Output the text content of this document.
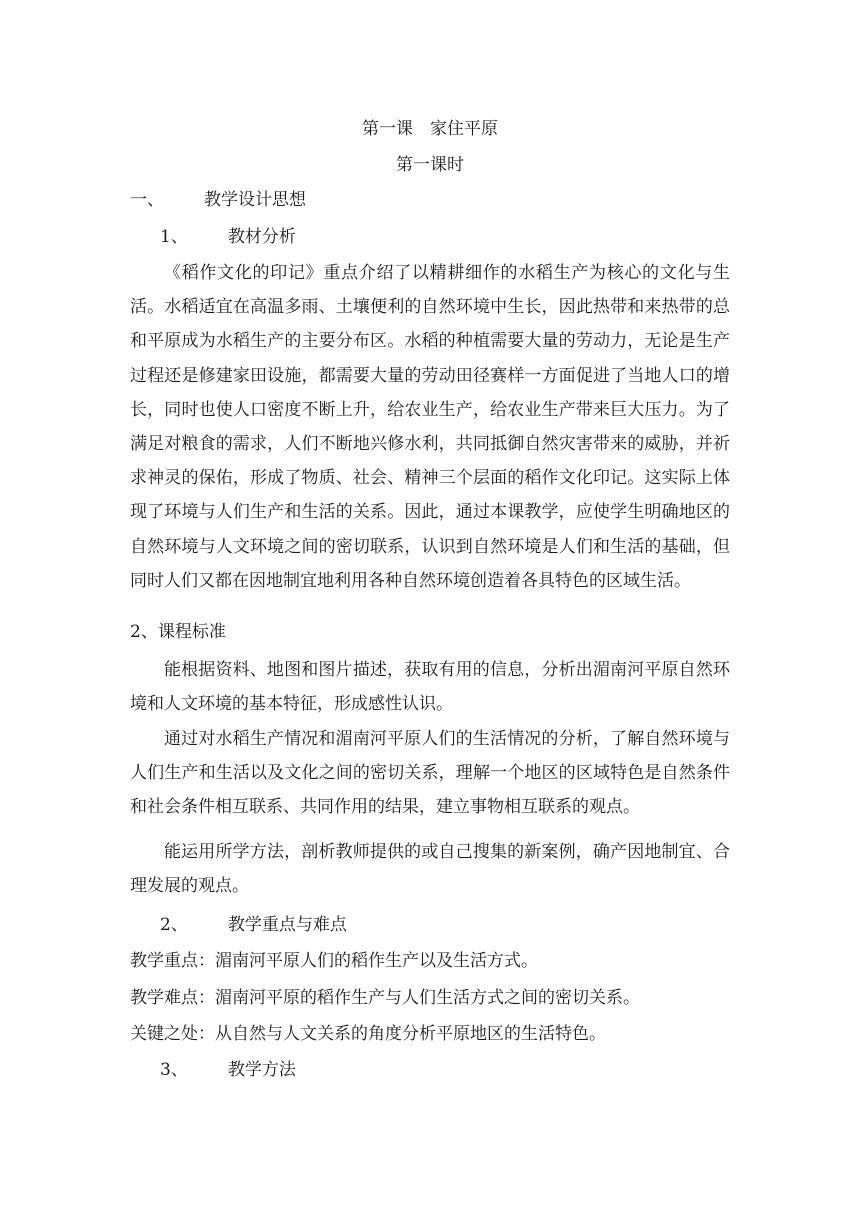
第一课　家住平原
第一课时
一、 教学设计思想
1、 教材分析
《稻作文化的印记》重点介绍了以精耕细作的水稻生产为核心的文化与生活。水稻适宜在高温多雨、土壤便利的自然环境中生长，因此热带和来热带的总和平原成为水稻生产的主要分布区。水稻的种植需要大量的劳动力，无论是生产过程还是修建家田设施，都需要大量的劳动田径赛样一方面促进了当地人口的增长，同时也使人口密度不断上升，给农业生产，给农业生产带来巨大压力。为了满足对粮食的需求，人们不断地兴修水利，共同抵御自然灾害带来的威胁，并祈求神灵的保佑，形成了物质、社会、精神三个层面的稻作文化印记。这实际上体现了环境与人们生产和生活的关系。因此，通过本课教学，应使学生明确地区的自然环境与人文环境之间的密切联系，认识到自然环境是人们和生活的基础，但同时人们又都在因地制宜地利用各种自然环境创造着各具特色的区域生活。
2、课程标准
能根据资料、地图和图片描述，获取有用的信息，分析出湄南河平原自然环境和人文环境的基本特征，形成感性认识。
通过对水稻生产情况和湄南河平原人们的生活情况的分析，了解自然环境与人们生产和生活以及文化之间的密切关系，理解一个地区的区域特色是自然条件和社会条件相互联系、共同作用的结果，建立事物相互联系的观点。
能运用所学方法，剖析教师提供的或自己搜集的新案例，确产因地制宜、合理发展的观点。
2、 教学重点与难点
教学重点：湄南河平原人们的稻作生产以及生活方式。
教学难点：湄南河平原的稻作生产与人们生活方式之间的密切关系。
关键之处：从自然与人文关系的角度分析平原地区的生活特色。
3、 教学方法
